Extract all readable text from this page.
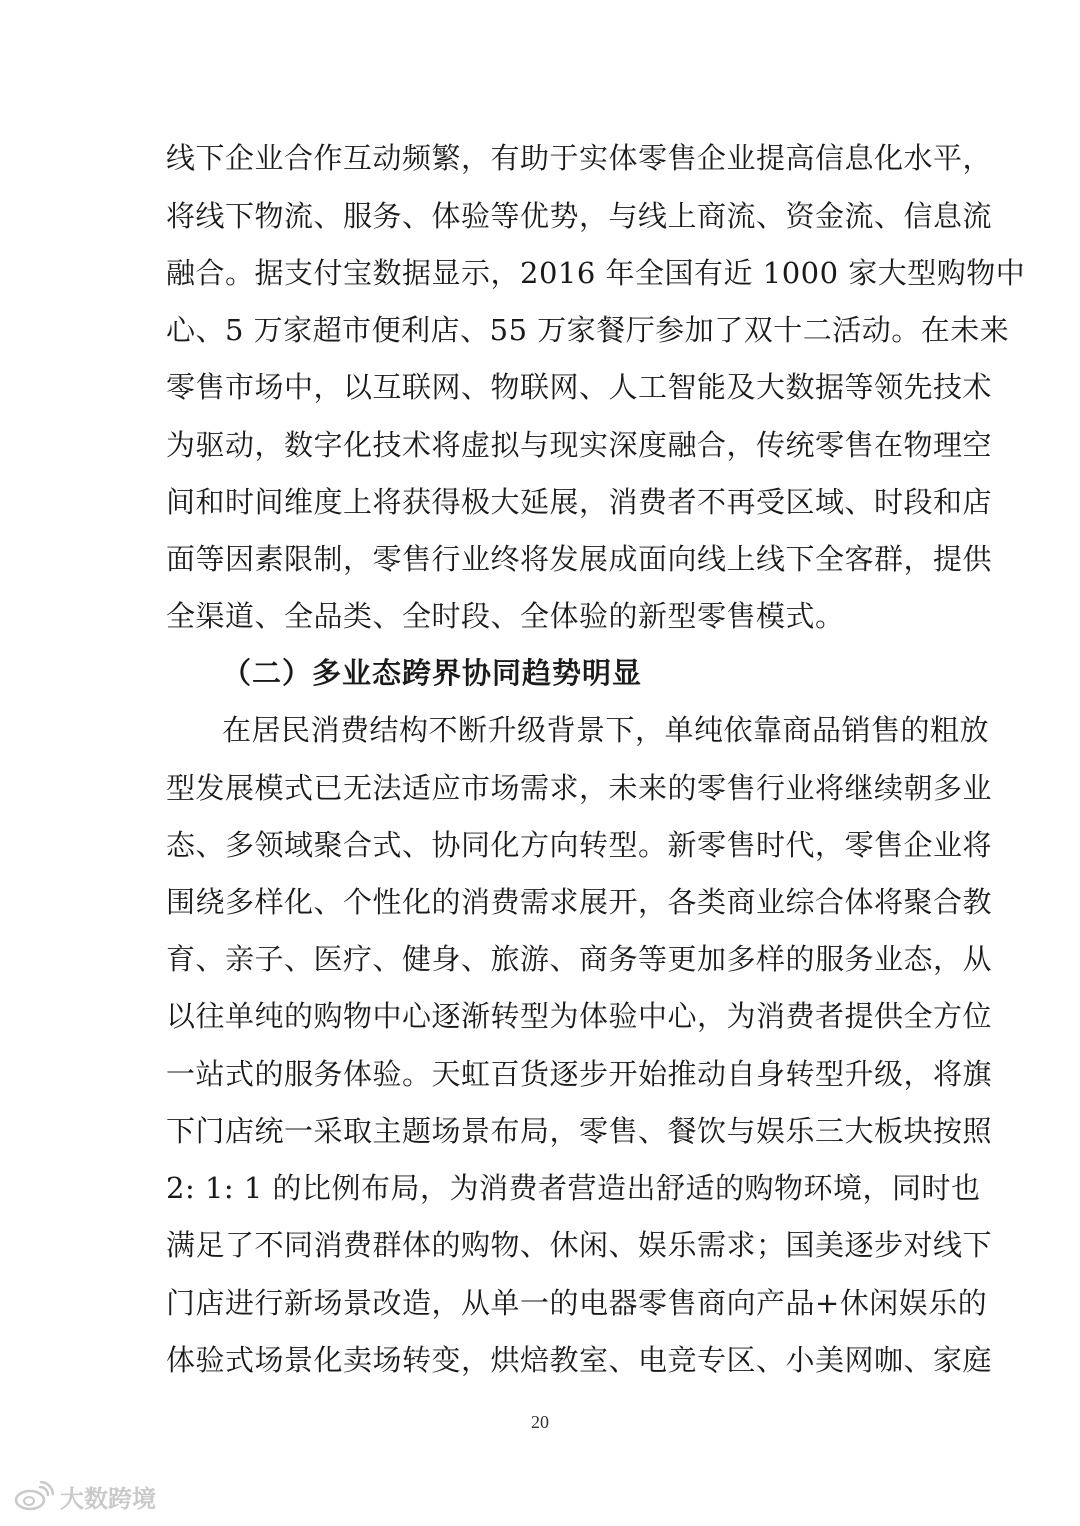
线下企业合作互动频繁，有助于实体零售企业提高信息化水平，
将线下物流、服务、体验等优势，与线上商流、资金流、信息流
融合。据支付宝数据显示，2016 年全国有近 1000 家大型购物中
心、5 万家超市便利店、55 万家餐厅参加了双十二活动。在未来
零售市场中，以互联网、物联网、人工智能及大数据等领先技术
为驱动，数字化技术将虚拟与现实深度融合，传统零售在物理空
间和时间维度上将获得极大延展，消费者不再受区域、时段和店
面等因素限制，零售行业终将发展成面向线上线下全客群，提供
全渠道、全品类、全时段、全体验的新型零售模式。
（二）多业态跨界协同趋势明显
在居民消费结构不断升级背景下，单纯依靠商品销售的粗放
型发展模式已无法适应市场需求，未来的零售行业将继续朝多业
态、多领域聚合式、协同化方向转型。新零售时代，零售企业将
围绕多样化、个性化的消费需求展开，各类商业综合体将聚合教
育、亲子、医疗、健身、旅游、商务等更加多样的服务业态，从
以往单纯的购物中心逐渐转型为体验中心，为消费者提供全方位
一站式的服务体验。天虹百货逐步开始推动自身转型升级，将旗
下门店统一采取主题场景布局，零售、餐饮与娱乐三大板块按照
2: 1: 1 的比例布局，为消费者营造出舒适的购物环境，同时也
满足了不同消费群体的购物、休闲、娱乐需求；国美逐步对线下
门店进行新场景改造，从单一的电器零售商向产品+休闲娱乐的
体验式场景化卖场转变，烘焙教室、电竞专区、小美网咖、家庭
20
大数跨境
